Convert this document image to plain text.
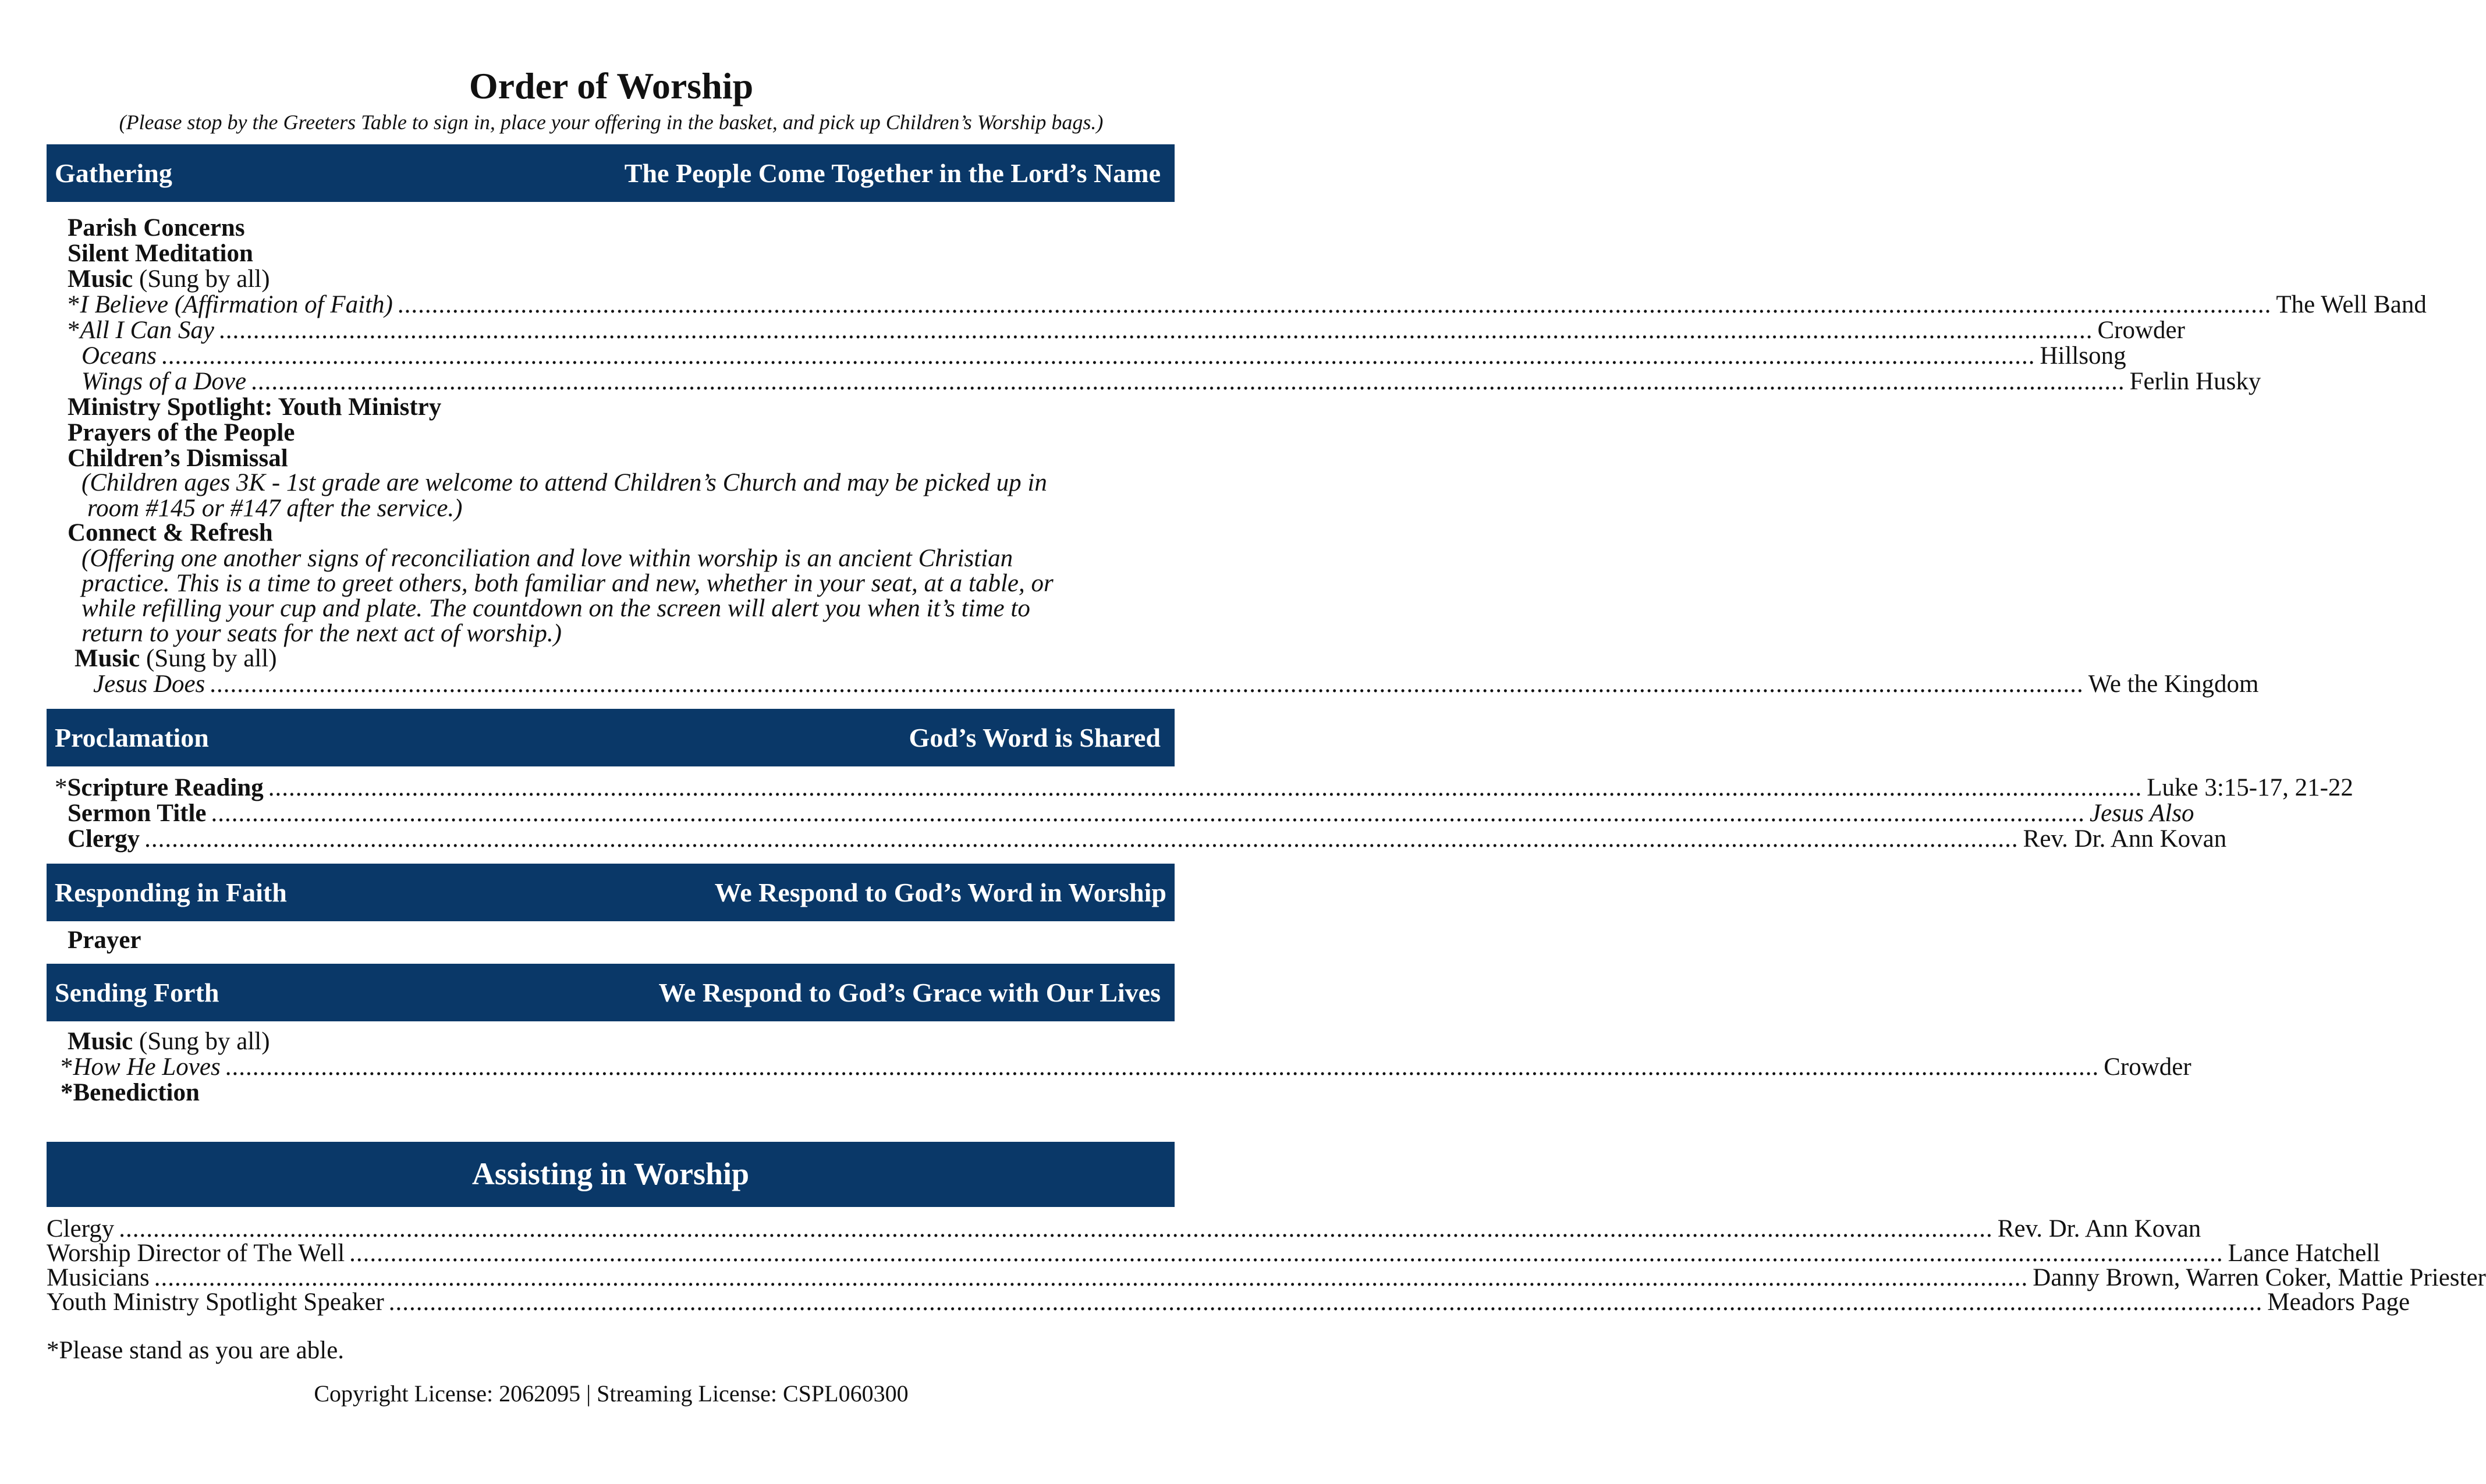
Order of Worship
(Please stop by the Greeters Table to sign in, place your offering in the basket, and pick up Children’s Worship bags.)
Gathering	The People Come Together in the Lord’s Name
Parish Concerns
Silent Meditation
Music (Sung by all)
*I Believe (Affirmation of Faith) .................................................................................................................................................................................................................................................................................. The Well Band
*All I Can Say .................................................................................................................................................................................................................................................................................. Crowder
Oceans .................................................................................................................................................................................................................................................................................. Hillsong
Wings of a Dove .................................................................................................................................................................................................................................................................................. Ferlin Husky
Ministry Spotlight: Youth Ministry
Prayers of the People
Children’s Dismissal
(Children ages 3K - 1st grade are welcome to attend Children’s Church and may be picked up in
room #145 or #147 after the service.)
Connect & Refresh
(Offering one another signs of reconciliation and love within worship is an ancient Christian
practice. This is a time to greet others, both familiar and new, whether in your seat, at a table, or
while refilling your cup and plate. The countdown on the screen will alert you when it’s time to
return to your seats for the next act of worship.)
Music (Sung by all)
Jesus Does .................................................................................................................................................................................................................................................................................. We the Kingdom
Proclamation	God’s Word is Shared
*Scripture Reading .................................................................................................................................................................................................................................................................................. Luke 3:15-17, 21-22
Sermon Title .................................................................................................................................................................................................................................................................................. Jesus Also
Clergy .................................................................................................................................................................................................................................................................................. Rev. Dr. Ann Kovan
Responding in Faith	We Respond to God’s Word in Worship
Prayer
Sending Forth	We Respond to God’s Grace with Our Lives
Music (Sung by all)
*How He Loves .................................................................................................................................................................................................................................................................................. Crowder
*Benediction
Assisting in Worship
Clergy .................................................................................................................................................................................................................................................................................. Rev. Dr. Ann Kovan
Worship Director of The Well .................................................................................................................................................................................................................................................................................. Lance Hatchell
Musicians .................................................................................................................................................................................................................................................................................. Danny Brown, Warren Coker, Mattie Priester
Youth Ministry Spotlight Speaker .................................................................................................................................................................................................................................................................................. Meadors Page
*Please stand as you are able.
Copyright License: 2062095 | Streaming License: CSPL060300
